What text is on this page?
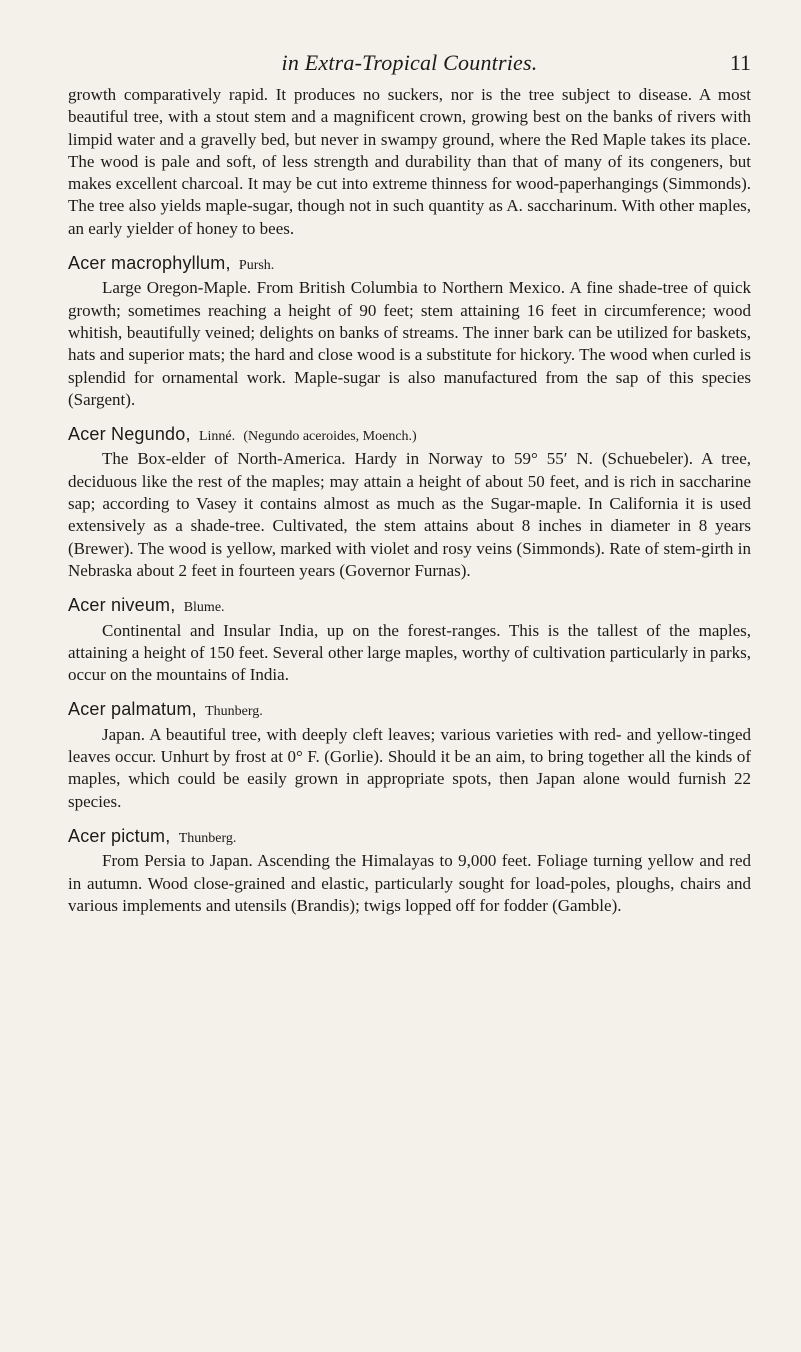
in Extra-Tropical Countries.	11

growth comparatively rapid. It produces no suckers, nor is the tree subject to disease. A most beautiful tree, with a stout stem and a magnificent crown, growing best on the banks of rivers with limpid water and a gravelly bed, but never in swampy ground, where the Red Maple takes its place. The wood is pale and soft, of less strength and durability than that of many of its congeners, but makes excellent charcoal. It may be cut into extreme thinness for wood-paperhangings (Simmonds). The tree also yields maple-sugar, though not in such quantity as A. saccharinum. With other maples, an early yielder of honey to bees.

Acer macrophyllum, Pursh.

Large Oregon-Maple. From British Columbia to Northern Mexico. A fine shade-tree of quick growth; sometimes reaching a height of 90 feet; stem attaining 16 feet in circumference; wood whitish, beautifully veined; delights on banks of streams. The inner bark can be utilized for baskets, hats and superior mats; the hard and close wood is a substitute for hickory. The wood when curled is splendid for ornamental work. Maple-sugar is also manufactured from the sap of this species (Sargent).

Acer Negundo, Linné. (Negundo aceroides, Moench.)

The Box-elder of North-America. Hardy in Norway to 59° 55′ N. (Schuebeler). A tree, deciduous like the rest of the maples; may attain a height of about 50 feet, and is rich in saccharine sap; according to Vasey it contains almost as much as the Sugar-maple. In California it is used extensively as a shade-tree. Cultivated, the stem attains about 8 inches in diameter in 8 years (Brewer). The wood is yellow, marked with violet and rosy veins (Simmonds). Rate of stem-girth in Nebraska about 2 feet in fourteen years (Governor Furnas).

Acer niveum, Blume.

Continental and Insular India, up on the forest-ranges. This is the tallest of the maples, attaining a height of 150 feet. Several other large maples, worthy of cultivation particularly in parks, occur on the mountains of India.

Acer palmatum, Thunberg.

Japan. A beautiful tree, with deeply cleft leaves; various varieties with red- and yellow-tinged leaves occur. Unhurt by frost at 0° F. (Gorlie). Should it be an aim, to bring together all the kinds of maples, which could be easily grown in appropriate spots, then Japan alone would furnish 22 species.

Acer pictum, Thunberg.

From Persia to Japan. Ascending the Himalayas to 9,000 feet. Foliage turning yellow and red in autumn. Wood close-grained and elastic, particularly sought for load-poles, ploughs, chairs and various implements and utensils (Brandis); twigs lopped off for fodder (Gamble).
